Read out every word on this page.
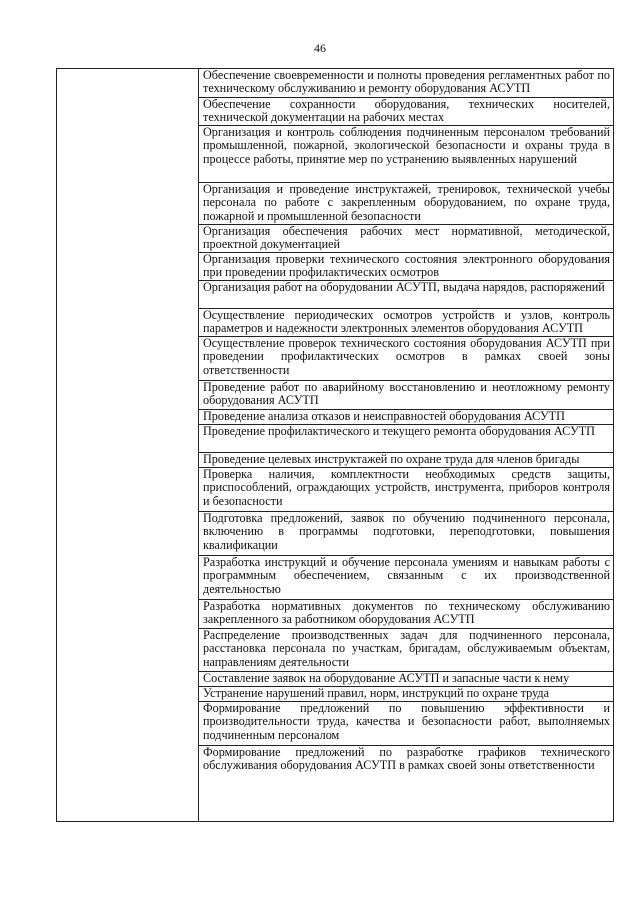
46
Обеспечение своевременности и полноты проведения регламентных работ по техническому обслуживанию и ремонту оборудования АСУТП
Обеспечение сохранности оборудования, технических носителей, технической документации на рабочих местах
Организация и контроль соблюдения подчиненным персоналом требований промышленной, пожарной, экологической безопасности и охраны труда в процессе работы, принятие мер по устранению выявленных нарушений
Организация и проведение инструктажей, тренировок, технической учебы персонала по работе с закрепленным оборудованием, по охране труда, пожарной и промышленной безопасности
Организация обеспечения рабочих мест нормативной, методической, проектной документацией
Организация проверки технического состояния электронного оборудования при проведении профилактических осмотров
Организация работ на оборудовании АСУТП, выдача нарядов, распоряжений
Осуществление периодических осмотров устройств и узлов, контроль параметров и надежности электронных элементов оборудования АСУТП
Осуществление проверок технического состояния оборудования АСУТП при проведении профилактических осмотров в рамках своей зоны ответственности
Проведение работ по аварийному восстановлению и неотложному ремонту оборудования АСУТП
Проведение анализа отказов и неисправностей оборудования АСУТП
Проведение профилактического и текущего ремонта оборудования АСУТП
Проведение целевых инструктажей по охране труда для членов бригады
Проверка наличия, комплектности необходимых средств защиты, приспособлений, ограждающих устройств, инструмента, приборов контроля и безопасности
Подготовка предложений, заявок по обучению подчиненного персонала, включению в программы подготовки, переподготовки, повышения квалификации
Разработка инструкций и обучение персонала умениям и навыкам работы с программным обеспечением, связанным с их производственной деятельностью
Разработка нормативных документов по техническому обслуживанию закрепленного за работником оборудования АСУТП
Распределение производственных задач для подчиненного персонала, расстановка персонала по участкам, бригадам, обслуживаемым объектам, направлениям деятельности
Составление заявок на оборудование АСУТП и запасные части к нему
Устранение нарушений правил, норм, инструкций по охране труда
Формирование предложений по повышению эффективности и производительности труда, качества и безопасности работ, выполняемых подчиненным персоналом
Формирование предложений по разработке графиков технического обслуживания оборудования АСУТП в рамках своей зоны ответственности
